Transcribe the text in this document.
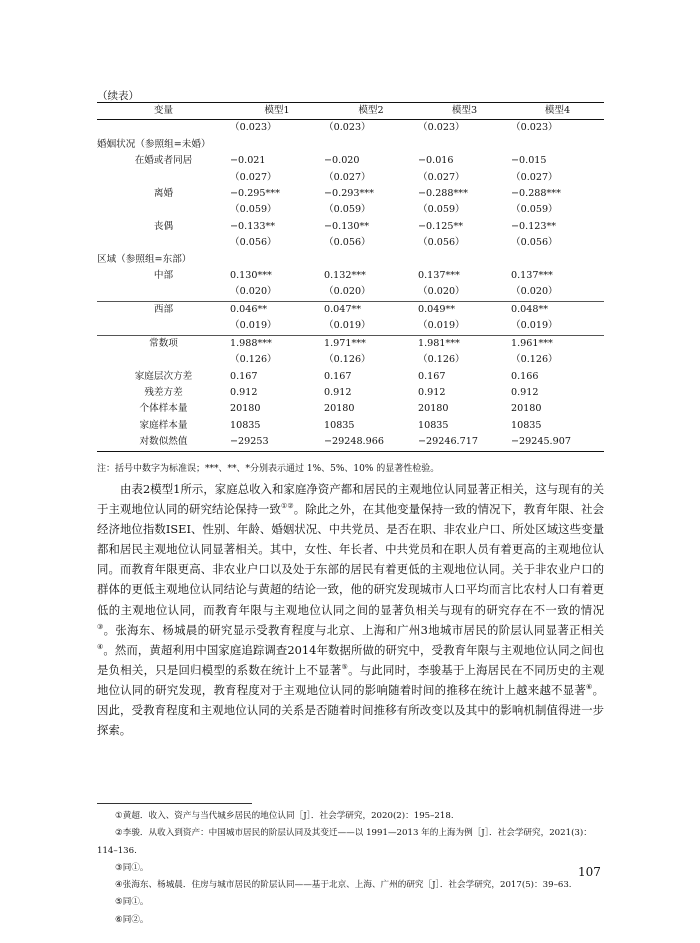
（续表）
变量	模型1	模型2	模型3	模型4
	（0.023）	（0.023）	（0.023）	（0.023）
婚姻状况（参照组=未婚）				
在婚或者同居	−0.021	−0.020	−0.016	−0.015
	（0.027）	（0.027）	（0.027）	（0.027）
离婚	−0.295***	−0.293***	−0.288***	−0.288***
	（0.059）	（0.059）	（0.059）	（0.059）
丧偶	−0.133**	−0.130**	−0.125**	−0.123**
	（0.056）	（0.056）	（0.056）	（0.056）
区域（参照组=东部）				
中部	0.130***	0.132***	0.137***	0.137***
	（0.020）	（0.020）	（0.020）	（0.020）
西部	0.046**	0.047**	0.049**	0.048**
	（0.019）	（0.019）	（0.019）	（0.019）
常数项	1.988***	1.971***	1.981***	1.961***
	（0.126）	（0.126）	（0.126）	（0.126）
家庭层次方差	0.167	0.167	0.167	0.166
残差方差	0.912	0.912	0.912	0.912
个体样本量	20180	20180	20180	20180
家庭样本量	10835	10835	10835	10835
对数似然值	−29253	−29248.966	−29246.717	−29245.907
注：括号中数字为标准误；***、**、*分别表示通过 1%、5%、10% 的显著性检验。

由表2模型1所示，家庭总收入和家庭净资产都和居民的主观地位认同显著正相关，这与现有的关于主观地位认同的研究结论保持一致①②。除此之外，在其他变量保持一致的情况下，教育年限、社会经济地位指数ISEI、性别、年龄、婚姻状况、中共党员、是否在职、非农业户口、所处区域这些变量都和居民主观地位认同显著相关。其中，女性、年长者、中共党员和在职人员有着更高的主观地位认同。而教育年限更高、非农业户口以及处于东部的居民有着更低的主观地位认同。关于非农业户口的群体的更低主观地位认同结论与黄超的结论一致，他的研究发现城市人口平均而言比农村人口有着更低的主观地位认同，而教育年限与主观地位认同之间的显著负相关与现有的研究存在不一致的情况③。张海东、杨城晨的研究显示受教育程度与北京、上海和广州3地城市居民的阶层认同显著正相关④。然而，黄超利用中国家庭追踪调查2014年数据所做的研究中，受教育年限与主观地位认同之间也是负相关，只是回归模型的系数在统计上不显著⑤。与此同时，李骏基于上海居民在不同历史的主观地位认同的研究发现，教育程度对于主观地位认同的影响随着时间的推移在统计上越来越不显著⑥。因此，受教育程度和主观地位认同的关系是否随着时间推移有所改变以及其中的影响机制值得进一步探索。

①黄超．收入、资产与当代城乡居民的地位认同［J］．社会学研究，2020(2)：195–218.

②李骏．从收入到资产：中国城市居民的阶层认同及其变迁——以 1991—2013 年的上海为例［J］．社会学研究，2021(3)：114–136.

③同①。

④张海东、杨城晨．住房与城市居民的阶层认同——基于北京、上海、广州的研究［J］．社会学研究，2017(5)：39–63.

⑤同①。

⑥同②。

107
